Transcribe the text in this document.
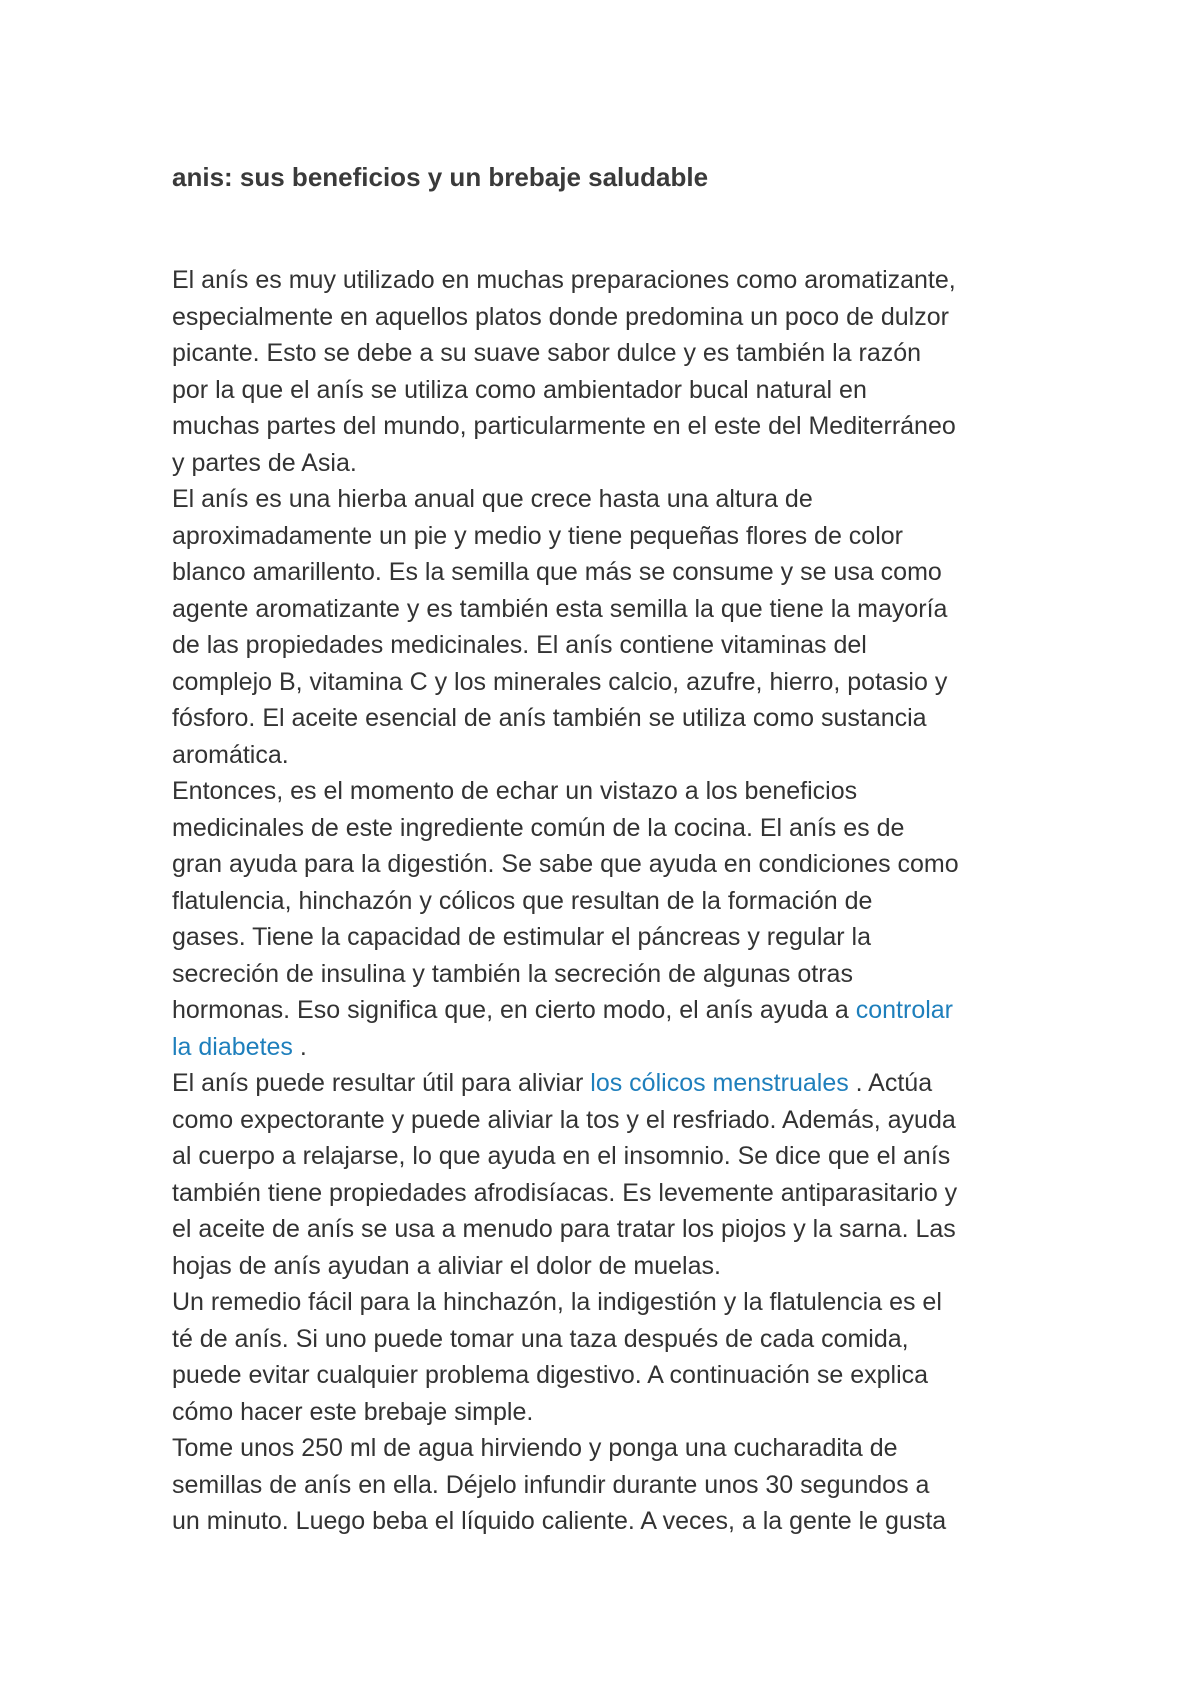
anis: sus beneficios y un brebaje saludable
El anís es muy utilizado en muchas preparaciones como aromatizante,
especialmente en aquellos platos donde predomina un poco de dulzor
picante. Esto se debe a su suave sabor dulce y es también la razón
por la que el anís se utiliza como ambientador bucal natural en
muchas partes del mundo, particularmente en el este del Mediterráneo
y partes de Asia.
El anís es una hierba anual que crece hasta una altura de
aproximadamente un pie y medio y tiene pequeñas flores de color
blanco amarillento. Es la semilla que más se consume y se usa como
agente aromatizante y es también esta semilla la que tiene la mayoría
de las propiedades medicinales. El anís contiene vitaminas del
complejo B, vitamina C y los minerales calcio, azufre, hierro, potasio y
fósforo. El aceite esencial de anís también se utiliza como sustancia
aromática.
Entonces, es el momento de echar un vistazo a los beneficios
medicinales de este ingrediente común de la cocina. El anís es de
gran ayuda para la digestión. Se sabe que ayuda en condiciones como
flatulencia, hinchazón y cólicos que resultan de la formación de
gases. Tiene la capacidad de estimular el páncreas y regular la
secreción de insulina y también la secreción de algunas otras
hormonas. Eso significa que, en cierto modo, el anís ayuda a controlar
la diabetes .
El anís puede resultar útil para aliviar los cólicos menstruales . Actúa
como expectorante y puede aliviar la tos y el resfriado. Además, ayuda
al cuerpo a relajarse, lo que ayuda en el insomnio. Se dice que el anís
también tiene propiedades afrodisíacas. Es levemente antiparasitario y
el aceite de anís se usa a menudo para tratar los piojos y la sarna. Las
hojas de anís ayudan a aliviar el dolor de muelas.
Un remedio fácil para la hinchazón, la indigestión y la flatulencia es el
té de anís. Si uno puede tomar una taza después de cada comida,
puede evitar cualquier problema digestivo. A continuación se explica
cómo hacer este brebaje simple.
Tome unos 250 ml de agua hirviendo y ponga una cucharadita de
semillas de anís en ella. Déjelo infundir durante unos 30 segundos a
un minuto. Luego beba el líquido caliente. A veces, a la gente le gusta
